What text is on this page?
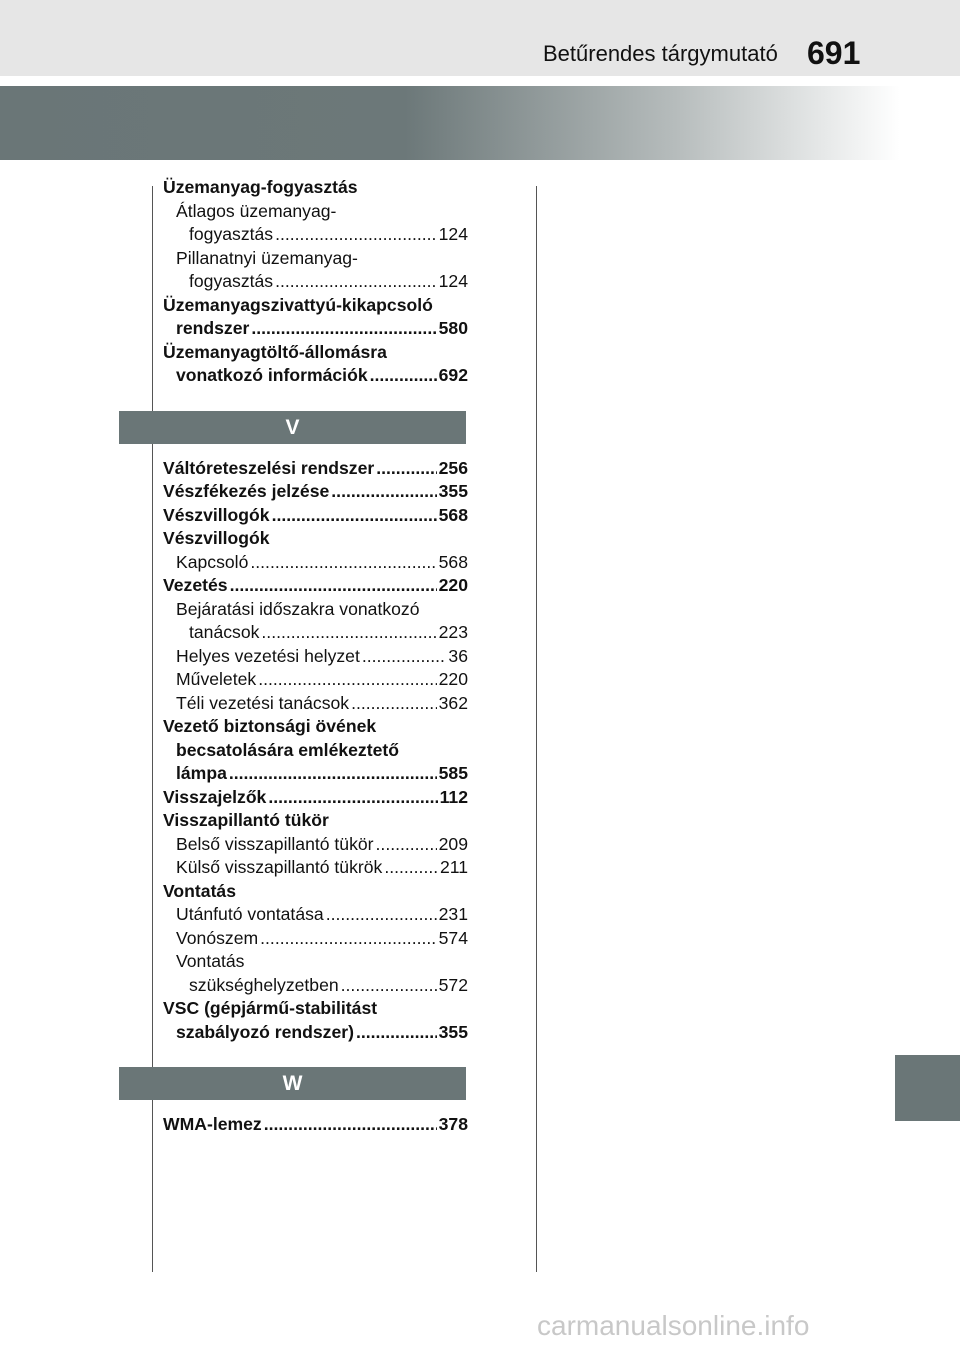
Betűrendes tárgymutató 691
Üzemanyag-fogyasztás
Átlagos üzemanyag-
fogyasztás .....	124
Pillanatnyi üzemanyag-
fogyasztás .....	124
Üzemanyagszivattyú-kikapcsoló
rendszer .....	580
Üzemanyagtöltő-állomásra
vonatkozó információk .....	692
V
Váltóreteszelési rendszer .....	256
Vészfékezés jelzése .....	355
Vészvillogók .....	568
Vészvillogók
Kapcsoló .....	568
Vezetés .....	220
Bejáratási időszakra vonatkozó
tanácsok .....	223
Helyes vezetési helyzet .....	36
Műveletek .....	220
Téli vezetési tanácsok .....	362
Vezető biztonsági övének
becsatolására emlékeztető
lámpa .....	585
Visszajelzők .....	112
Visszapillantó tükör
Belső visszapillantó tükör .....	209
Külső visszapillantó tükrök .....	211
Vontatás
Utánfutó vontatása .....	231
Vonószem .....	574
Vontatás
szükséghelyzetben .....	572
VSC (gépjármű-stabilitást
szabályozó rendszer) .....	355
W
WMA-lemez .....	378
carmanualsonline.info
